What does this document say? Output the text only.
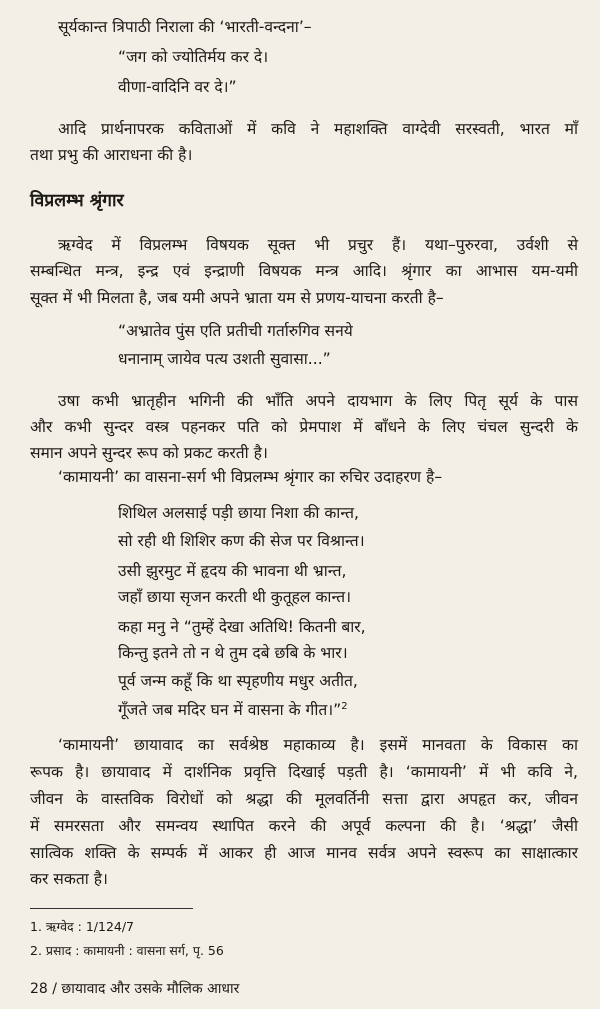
सूर्यकान्त त्रिपाठी निराला की ‘भारती-वन्दना’–
“जग को ज्योतिर्मय कर दे।
वीणा-वादिनि वर दे।”
आदि प्रार्थनापरक कविताओं में कवि ने महाशक्ति वाग्देवी सरस्वती, भारत माँ
तथा प्रभु की आराधना की है।
विप्रलम्भ श्रृंगार
ऋग्वेद में विप्रलम्भ विषयक सूक्त भी प्रचुर हैं। यथा–पुरुरवा, उर्वशी से
सम्बन्धित मन्त्र, इन्द्र एवं इन्द्राणी विषयक मन्त्र आदि। श्रृंगार का आभास यम-यमी
सूक्त में भी मिलता है, जब यमी अपने भ्राता यम से प्रणय-याचना करती है–
“अभ्रातेव पुंस एति प्रतीची गर्तारुगिव सनये
धनानाम् जायेव पत्य उशती सुवासा...”
उषा कभी भ्रातृहीन भगिनी की भाँति अपने दायभाग के लिए पितृ सूर्य के पास
और कभी सुन्दर वस्त्र पहनकर पति को प्रेमपाश में बाँधने के लिए चंचल सुन्दरी के
समान अपने सुन्दर रूप को प्रकट करती है।
‘कामायनी’ का वासना-सर्ग भी विप्रलम्भ श्रृंगार का रुचिर उदाहरण है–
शिथिल अलसाई पड़ी छाया निशा की कान्त,
सो रही थी शिशिर कण की सेज पर विश्रान्त।
उसी झुरमुट में हृदय की भावना थी भ्रान्त,
जहाँ छाया सृजन करती थी कुतूहल कान्त।
कहा मनु ने “तुम्हें देखा अतिथि! कितनी बार,
किन्तु इतने तो न थे तुम दबे छबि के भार।
पूर्व जन्म कहूँ कि था स्पृहणीय मधुर अतीत,
गूँजते जब मदिर घन में वासना के गीत।”$^2$
‘कामायनी’ छायावाद का सर्वश्रेष्ठ महाकाव्य है। इसमें मानवता के विकास का
रूपक है। छायावाद में दार्शनिक प्रवृत्ति दिखाई पड़ती है। ‘कामायनी’ में भी कवि ने,
जीवन के वास्तविक विरोधों को श्रद्धा की मूलवर्तिनी सत्ता द्वारा अपहृत कर, जीवन
में समरसता और समन्वय स्थापित करने की अपूर्व कल्पना की है। ‘श्रद्धा’ जैसी
सात्विक शक्ति के सम्पर्क में आकर ही आज मानव सर्वत्र अपने स्वरूप का साक्षात्कार
कर सकता है।
1. ऋग्वेद : 1/124/7
2. प्रसाद : कामायनी : वासना सर्ग, पृ. 56
28 / छायावाद और उसके मौलिक आधार
